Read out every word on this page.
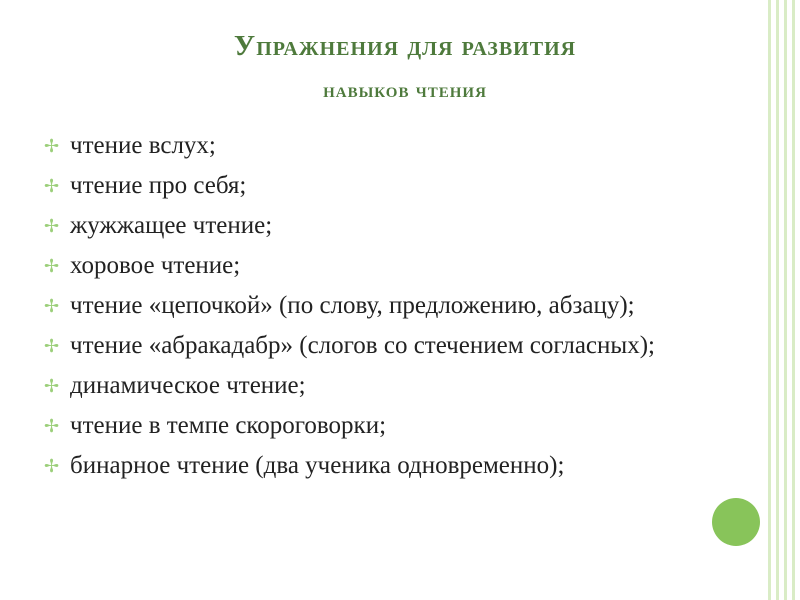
Упражнения для развития
навыков чтения
✢ чтение вслух;
✢ чтение про себя;
✢ жужжащее чтение;
✢ хоровое чтение;
✢ чтение «цепочкой» (по слову, предложению, абзацу);
✢ чтение «абракадабр» (слогов со стечением согласных);
✢ динамическое чтение;
✢ чтение в темпе скороговорки;
✢ бинарное чтение (два ученика одновременно);
